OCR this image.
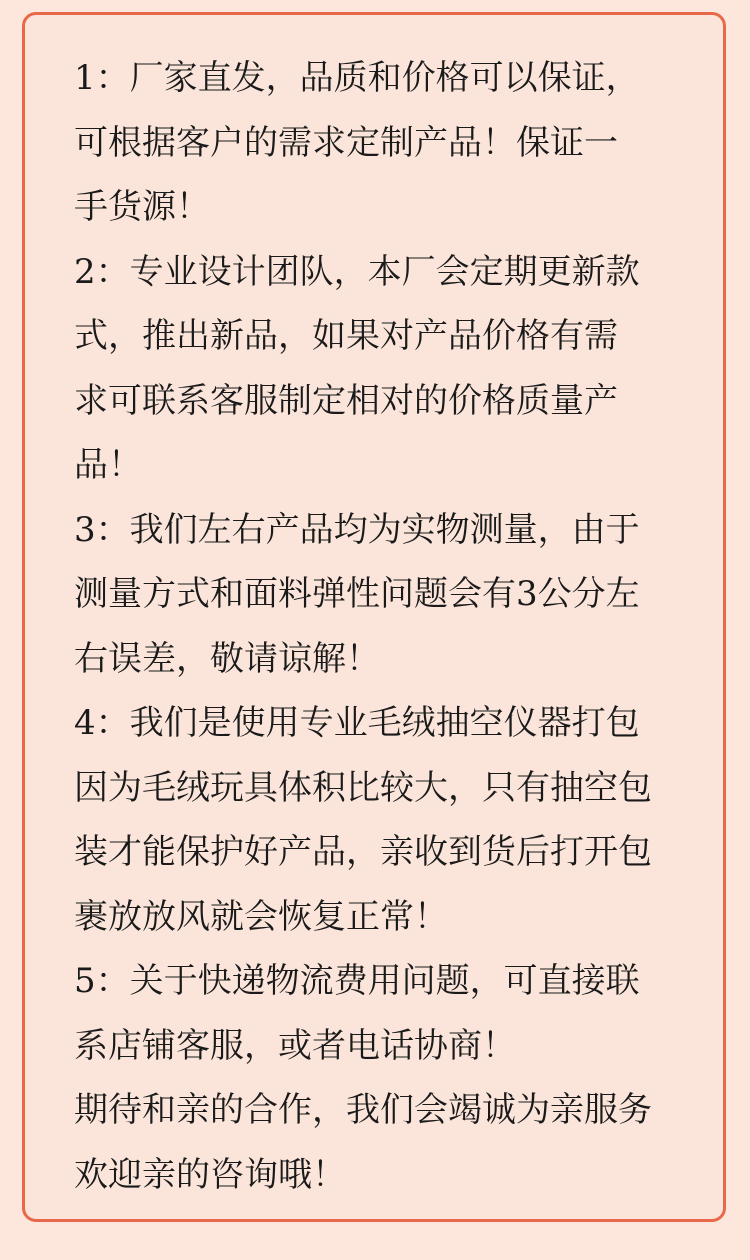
1：厂家直发，品质和价格可以保证，
可根据客户的需求定制产品！保证一
手货源！
2：专业设计团队，本厂会定期更新款
式，推出新品，如果对产品价格有需
求可联系客服制定相对的价格质量产
品！
3：我们左右产品均为实物测量，由于
测量方式和面料弹性问题会有3公分左
右误差，敬请谅解！
4：我们是使用专业毛绒抽空仪器打包
因为毛绒玩具体积比较大，只有抽空包
装才能保护好产品，亲收到货后打开包
裹放放风就会恢复正常！
5：关于快递物流费用问题，可直接联
系店铺客服，或者电话协商！
期待和亲的合作，我们会竭诚为亲服务
欢迎亲的咨询哦！
